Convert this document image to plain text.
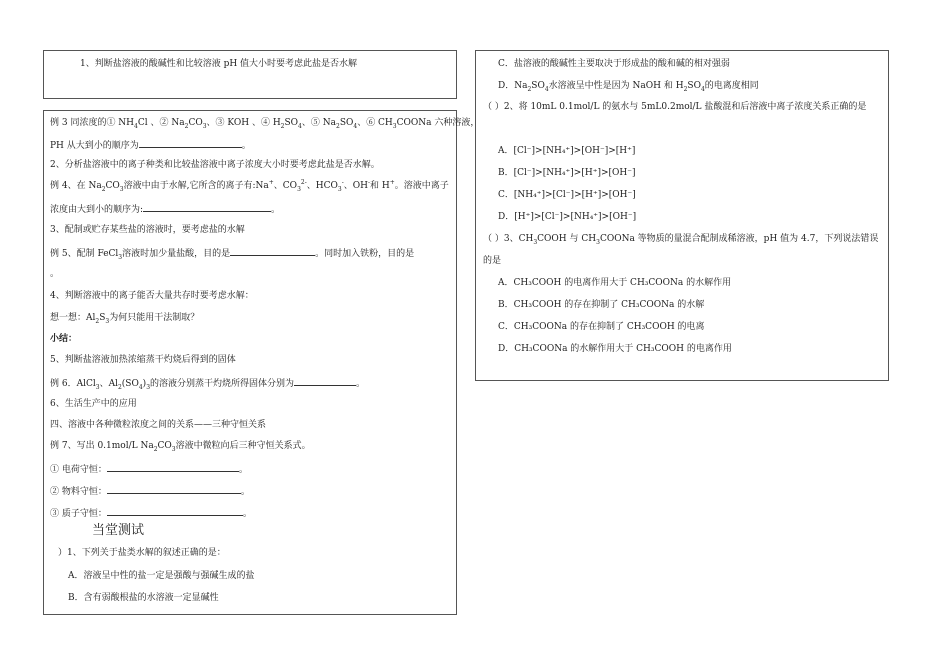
1、判断盐溶液的酸碱性和比较溶液 pH 值大小时要考虑此盐是否水解
例 3 同浓度的① $NH_4Cl$ 、② $Na_2CO_3$、③ KOH 、④ $H_2SO_4$、⑤ $Na_2SO_4$、⑥ $CH_3COONa$ 六种溶液，
PH 从大到小的顺序为	。
2、分析盐溶液中的离子种类和比较盐溶液中离子浓度大小时要考虑此盐是否水解。
例 4、在 $Na_2CO_3$溶液中由于水解,它所含的离子有:Na+、$CO_3^{2-}$、$HCO_3^-$、OH-和 H+。溶液中离子
浓度由大到小的顺序为:	。
3、配制或贮存某些盐的溶液时，要考虑盐的水解
例 5、配制 FeCl$_3$溶液时加少量盐酸，目的是	。同时加入铁粉，目的是
。
4、判断溶液中的离子能否大量共存时要考虑水解：
想一想：$Al_2S_3$为何只能用干法制取？
小结：
5、判断盐溶液加热浓缩蒸干灼烧后得到的固体
例 6．AlCl$_3$、$Al_2(SO_4)_3$的溶液分别蒸干灼烧所得固体分别为	。
6、生活生产中的应用
四、溶液中各种微粒浓度之间的关系——三种守恒关系
例 7、写出 0.1mol/L $Na_2CO_3$溶液中微粒向后三种守恒关系式。
① 电荷守恒：	。
② 物料守恒：	。
③ 质子守恒：	。
当堂测试
）1、下列关于盐类水解的叙述正确的是：
A．溶液呈中性的盐一定是强酸与强碱生成的盐
B．含有弱酸根盐的水溶液一定显碱性
C．盐溶液的酸碱性主要取决于形成盐的酸和碱的相对强弱
D．$Na_2SO_4$水溶液呈中性是因为 NaOH 和 $H_2SO_4$的电离度相同
（ ）2、将 10mL 0.1mol/L 的氨水与 5mL0.2mol/L 盐酸混和后溶液中离子浓度关系正确的是
A．[Cl⁻]>[NH₄⁺]>[OH⁻]>[H⁺]
B．[Cl⁻]>[NH₄⁺]>[H⁺]>[OH⁻]
C．[NH₄⁺]>[Cl⁻]>[H⁺]>[OH⁻]
D．[H⁺]>[Cl⁻]>[NH₄⁺]>[OH⁻]
（ ）3、$CH_3COOH$ 与 $CH_3COONa$ 等物质的量混合配制成稀溶液，pH 值为 4.7，下列说法错误
的是
A．CH₃COOH 的电离作用大于 CH₃COONa 的水解作用
B．CH₃COOH 的存在抑制了 CH₃COONa 的水解
C．CH₃COONa 的存在抑制了 CH₃COOH 的电离
D．CH₃COONa 的水解作用大于 CH₃COOH 的电离作用
